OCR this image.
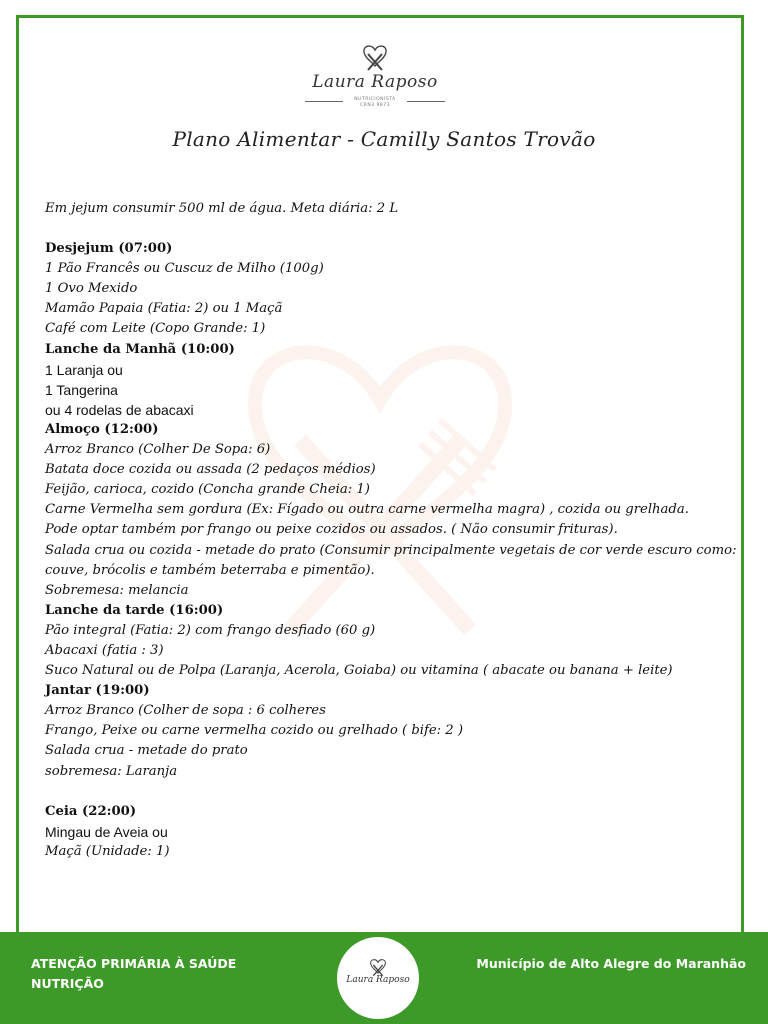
Laura Raposo
NUTRICIONISTA
CRN3 9873
Plano Alimentar - Camilly Santos Trovão
Em jejum consumir 500 ml de água. Meta diária: 2 L
Desjejum (07:00)
1 Pão Francês ou Cuscuz de Milho (100g)
1 Ovo Mexido
Mamão Papaia (Fatia: 2) ou 1 Maçã
Café com Leite (Copo Grande: 1)
Lanche da Manhã (10:00)
1 Laranja ou
1 Tangerina
ou 4 rodelas de abacaxi
Almoço (12:00)
Arroz Branco (Colher De Sopa: 6)
Batata doce cozida ou assada (2 pedaços médios)
Feijão, carioca, cozido (Concha grande Cheia: 1)
Carne Vermelha sem gordura (Ex: Fígado ou outra carne vermelha magra) , cozida ou grelhada.
Pode optar também por frango ou peixe cozidos ou assados. ( Não consumir frituras).
Salada crua ou cozida - metade do prato (Consumir principalmente vegetais de cor verde escuro como:
couve, brócolis e também beterraba e pimentão).
Sobremesa: melancia
Lanche da tarde (16:00)
Pão integral (Fatia: 2) com frango desfiado (60 g)
Abacaxi (fatia : 3)
Suco Natural ou de Polpa (Laranja, Acerola, Goiaba) ou vitamina ( abacate ou banana + leite)
Jantar (19:00)
Arroz Branco (Colher de sopa : 6 colheres
Frango, Peixe ou carne vermelha cozido ou grelhado ( bife: 2 )
Salada crua - metade do prato
sobremesa: Laranja
Ceia (22:00)
Mingau de Aveia ou
Maçã (Unidade: 1)
ATENÇÃO PRIMÁRIA À SAÚDE
NUTRIÇÃO	Laura Raposo
Município de Alto Alegre do Maranhão
